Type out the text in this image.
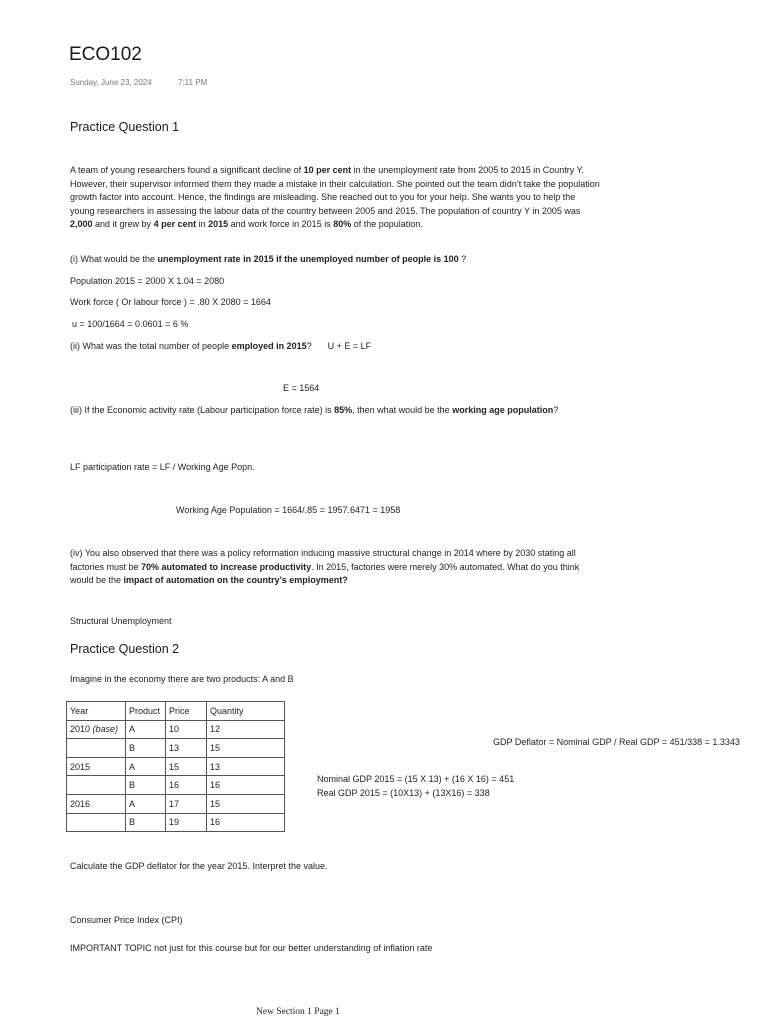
ECO102
Sunday, June 23, 2024	7:11 PM
Practice Question 1
A team of young researchers found a significant decline of 10 per cent in the unemployment rate from 2005 to 2015 in Country Y. However, their supervisor informed them they made a mistake in their calculation. She pointed out the team didn’t take the population growth factor into account. Hence, the findings are misleading. She reached out to you for your help. She wants you to help the young researchers in assessing the labour data of the country between 2005 and 2015. The population of country Y in 2005 was 2,000 and it grew by 4 per cent in 2015 and work force in 2015 is 80% of the population.
(i) What would be the unemployment rate in 2015 if the unemployed number of people is 100 ?
Population 2015 = 2000 X 1.04 = 2080
Work force ( Or labour force ) = .80 X 2080 = 1664
u = 100/1664 = 0.0601 = 6 %
(ii) What was the total number of people employed in 2015? U + E = LF
E = 1564
(iii) If the Economic activity rate (Labour participation force rate) is 85%, then what would be the working age population?
LF participation rate = LF / Working Age Popn.
Working Age Population = 1664/.85 = 1957.6471 = 1958
(iv) You also observed that there was a policy reformation inducing massive structural change in 2014 where by 2030 stating all factories must be 70% automated to increase productivity. In 2015, factories were merely 30% automated. What do you think would be the impact of automation on the country’s employment?
Structural Unemployment
Practice Question 2
Imagine in the economy there are two products: A and B
Year	Product	Price	Quantity
2010 (base)	A	10	12
	B	13	15
2015	A	15	13
	B	16	16
2016	A	17	15
	B	19	16
GDP Deflator = Nominal GDP / Real GDP = 451/338 = 1.3343
Nominal GDP 2015 = (15 X 13) + (16 X 16) = 451
Real GDP 2015 = (10X13) + (13X16) = 338
Calculate the GDP deflator for the year 2015. Interpret the value.
Consumer Price Index (CPI)
IMPORTANT TOPIC not just for this course but for our better understanding of inflation rate
New Section 1 Page 1
